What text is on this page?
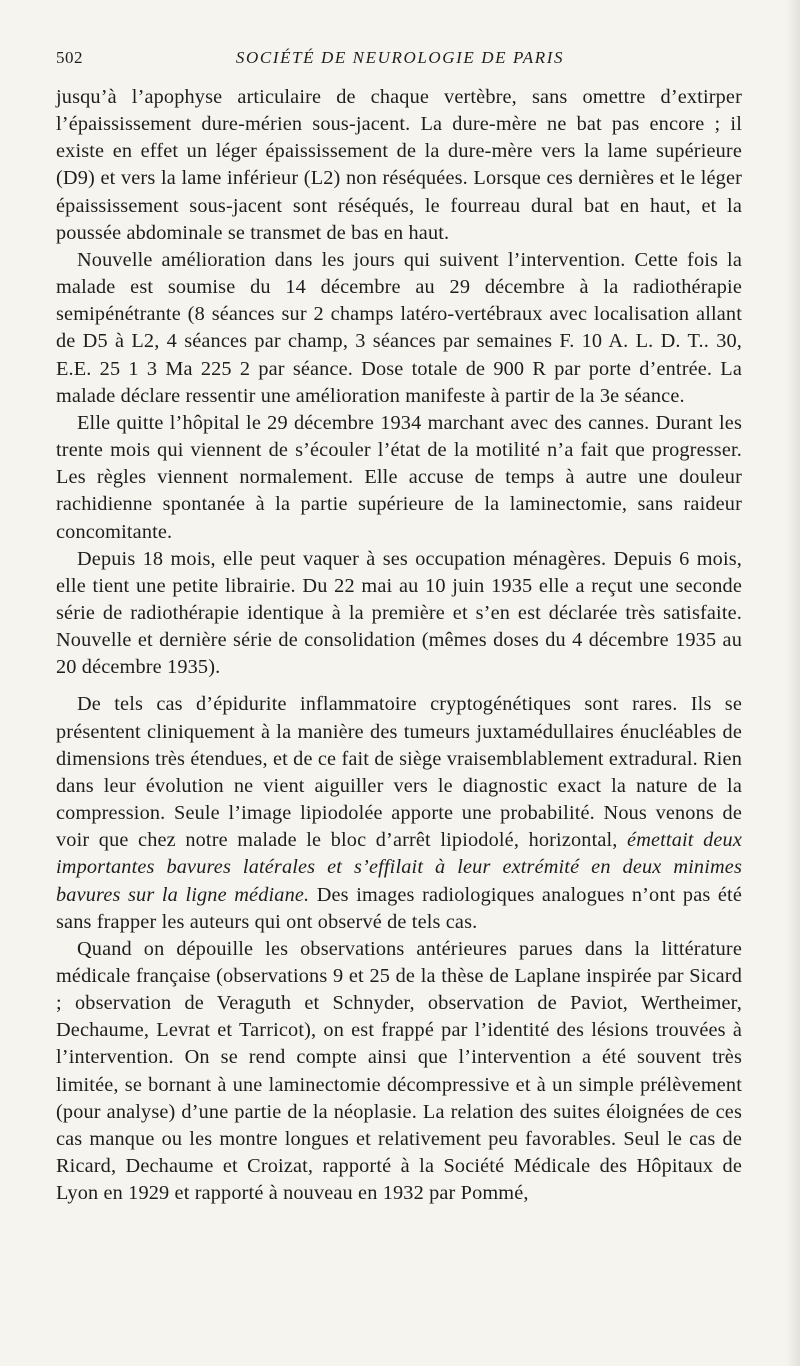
502	SOCIÉTÉ DE NEUROLOGIE DE PARIS

jusqu’à l’apophyse articulaire de chaque vertèbre, sans omettre d’extirper l’épaississement dure-mérien sous-jacent. La dure-mère ne bat pas encore ; il existe en effet un léger épaississement de la dure-mère vers la lame supérieure (D9) et vers la lame inférieur (L2) non réséquées. Lorsque ces dernières et le léger épaississement sous-jacent sont réséqués, le fourreau dural bat en haut, et la poussée abdominale se transmet de bas en haut.

Nouvelle amélioration dans les jours qui suivent l’intervention. Cette fois la malade est soumise du 14 décembre au 29 décembre à la radiothérapie semipénétrante (8 séances sur 2 champs latéro-vertébraux avec localisation allant de D5 à L2, 4 séances par champ, 3 séances par semaines F. 10 A. L. D. T.. 30, E.E. 25 1 3 Ma 225 2 par séance. Dose totale de 900 R par porte d’entrée. La malade déclare ressentir une amélioration manifeste à partir de la 3e séance.

Elle quitte l’hôpital le 29 décembre 1934 marchant avec des cannes. Durant les trente mois qui viennent de s’écouler l’état de la motilité n’a fait que progresser. Les règles viennent normalement. Elle accuse de temps à autre une douleur rachidienne spontanée à la partie supérieure de la laminectomie, sans raideur concomitante.

Depuis 18 mois, elle peut vaquer à ses occupation ménagères. Depuis 6 mois, elle tient une petite librairie. Du 22 mai au 10 juin 1935 elle a reçut une seconde série de radiothérapie identique à la première et s’en est déclarée très satisfaite. Nouvelle et dernière série de consolidation (mêmes doses du 4 décembre 1935 au 20 décembre 1935).

De tels cas d’épidurite inflammatoire cryptogénétiques sont rares. Ils se présentent cliniquement à la manière des tumeurs juxtamédullaires énucléables de dimensions très étendues, et de ce fait de siège vraisemblablement extradural. Rien dans leur évolution ne vient aiguiller vers le diagnostic exact la nature de la compression. Seule l’image lipiodolée apporte une probabilité. Nous venons de voir que chez notre malade le bloc d’arrêt lipiodolé, horizontal, émettait deux importantes bavures latérales et s’effilait à leur extrémité en deux minimes bavures sur la ligne médiane. Des images radiologiques analogues n’ont pas été sans frapper les auteurs qui ont observé de tels cas.

Quand on dépouille les observations antérieures parues dans la littérature médicale française (observations 9 et 25 de la thèse de Laplane inspirée par Sicard ; observation de Veraguth et Schnyder, observation de Paviot, Wertheimer, Dechaume, Levrat et Tarricot), on est frappé par l’identité des lésions trouvées à l’intervention. On se rend compte ainsi que l’intervention a été souvent très limitée, se bornant à une laminectomie décompressive et à un simple prélèvement (pour analyse) d’une partie de la néoplasie. La relation des suites éloignées de ces cas manque ou les montre longues et relativement peu favorables. Seul le cas de Ricard, Dechaume et Croizat, rapporté à la Société Médicale des Hôpitaux de Lyon en 1929 et rapporté à nouveau en 1932 par Pommé,
